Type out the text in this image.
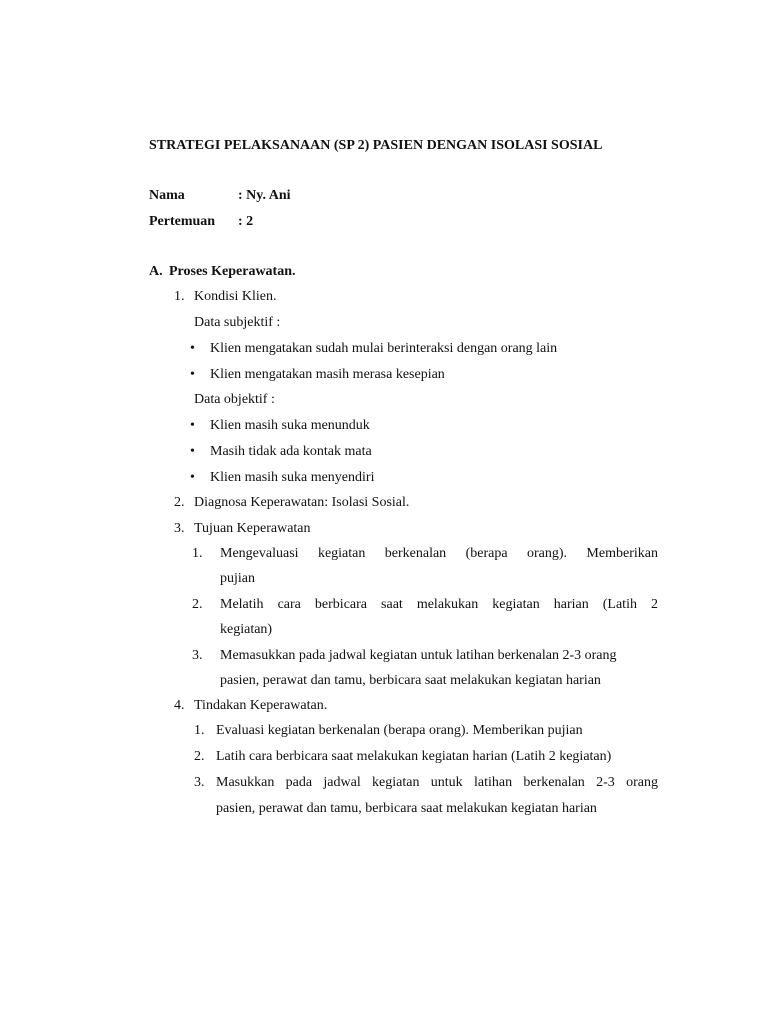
STRATEGI PELAKSANAAN (SP 2) PASIEN DENGAN ISOLASI SOSIAL
Nama	: Ny. Ani
Pertemuan : 2
A. Proses Keperawatan.
1. Kondisi Klien.
Data subjektif :
• Klien mengatakan sudah mulai berinteraksi dengan orang lain
• Klien mengatakan masih merasa kesepian
Data objektif :
• Klien masih suka menunduk
• Masih tidak ada kontak mata
• Klien masih suka menyendiri
2. Diagnosa Keperawatan: Isolasi Sosial.
3. Tujuan Keperawatan
1. Mengevaluasi kegiatan berkenalan (berapa orang). Memberikan
pujian
2. Melatih cara berbicara saat melakukan kegiatan harian (Latih 2
kegiatan)
3. Memasukkan pada jadwal kegiatan untuk latihan berkenalan 2-3 orang
pasien, perawat dan tamu, berbicara saat melakukan kegiatan harian
4. Tindakan Keperawatan.
1. Evaluasi kegiatan berkenalan (berapa orang). Memberikan pujian
2. Latih cara berbicara saat melakukan kegiatan harian (Latih 2 kegiatan)
3. Masukkan pada jadwal kegiatan untuk latihan berkenalan 2-3 orang
pasien, perawat dan tamu, berbicara saat melakukan kegiatan harian
